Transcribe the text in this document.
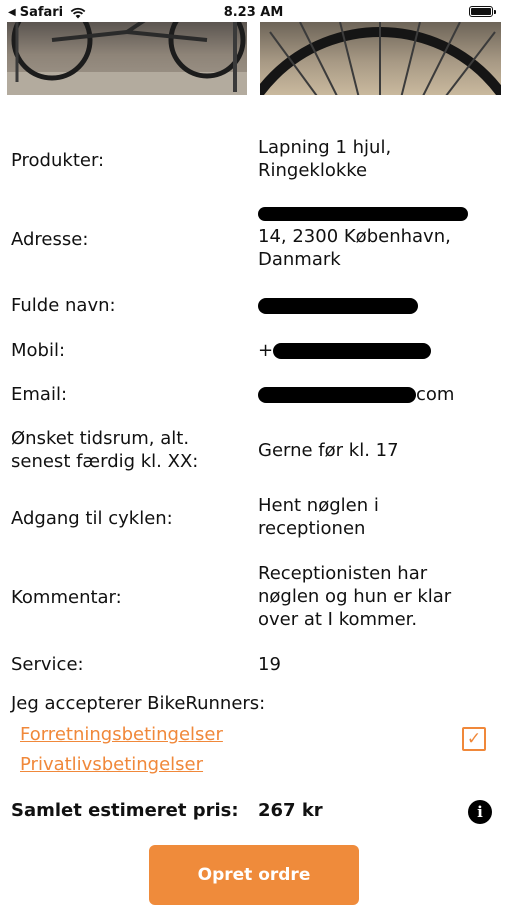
◀ Safari	8.23 AM
Produkter:
Lapning 1 hjul, Ringeklokke
Adresse:	14, 2300 København, Danmark
Fulde navn:
Mobil:	+
Email:	com
Ønsket tidsrum, alt. senest færdig kl. XX:
Gerne før kl. 17
Adgang til cyklen:
Hent nøglen i receptionen
Kommentar:
Receptionisten har nøglen og hun er klar over at I kommer.
Service:	19
Jeg accepterer BikeRunners:
Forretningsbetingelser
Privatlivsbetingelser
✓
Samlet estimeret pris: 267 kr	i
Opret ordre
